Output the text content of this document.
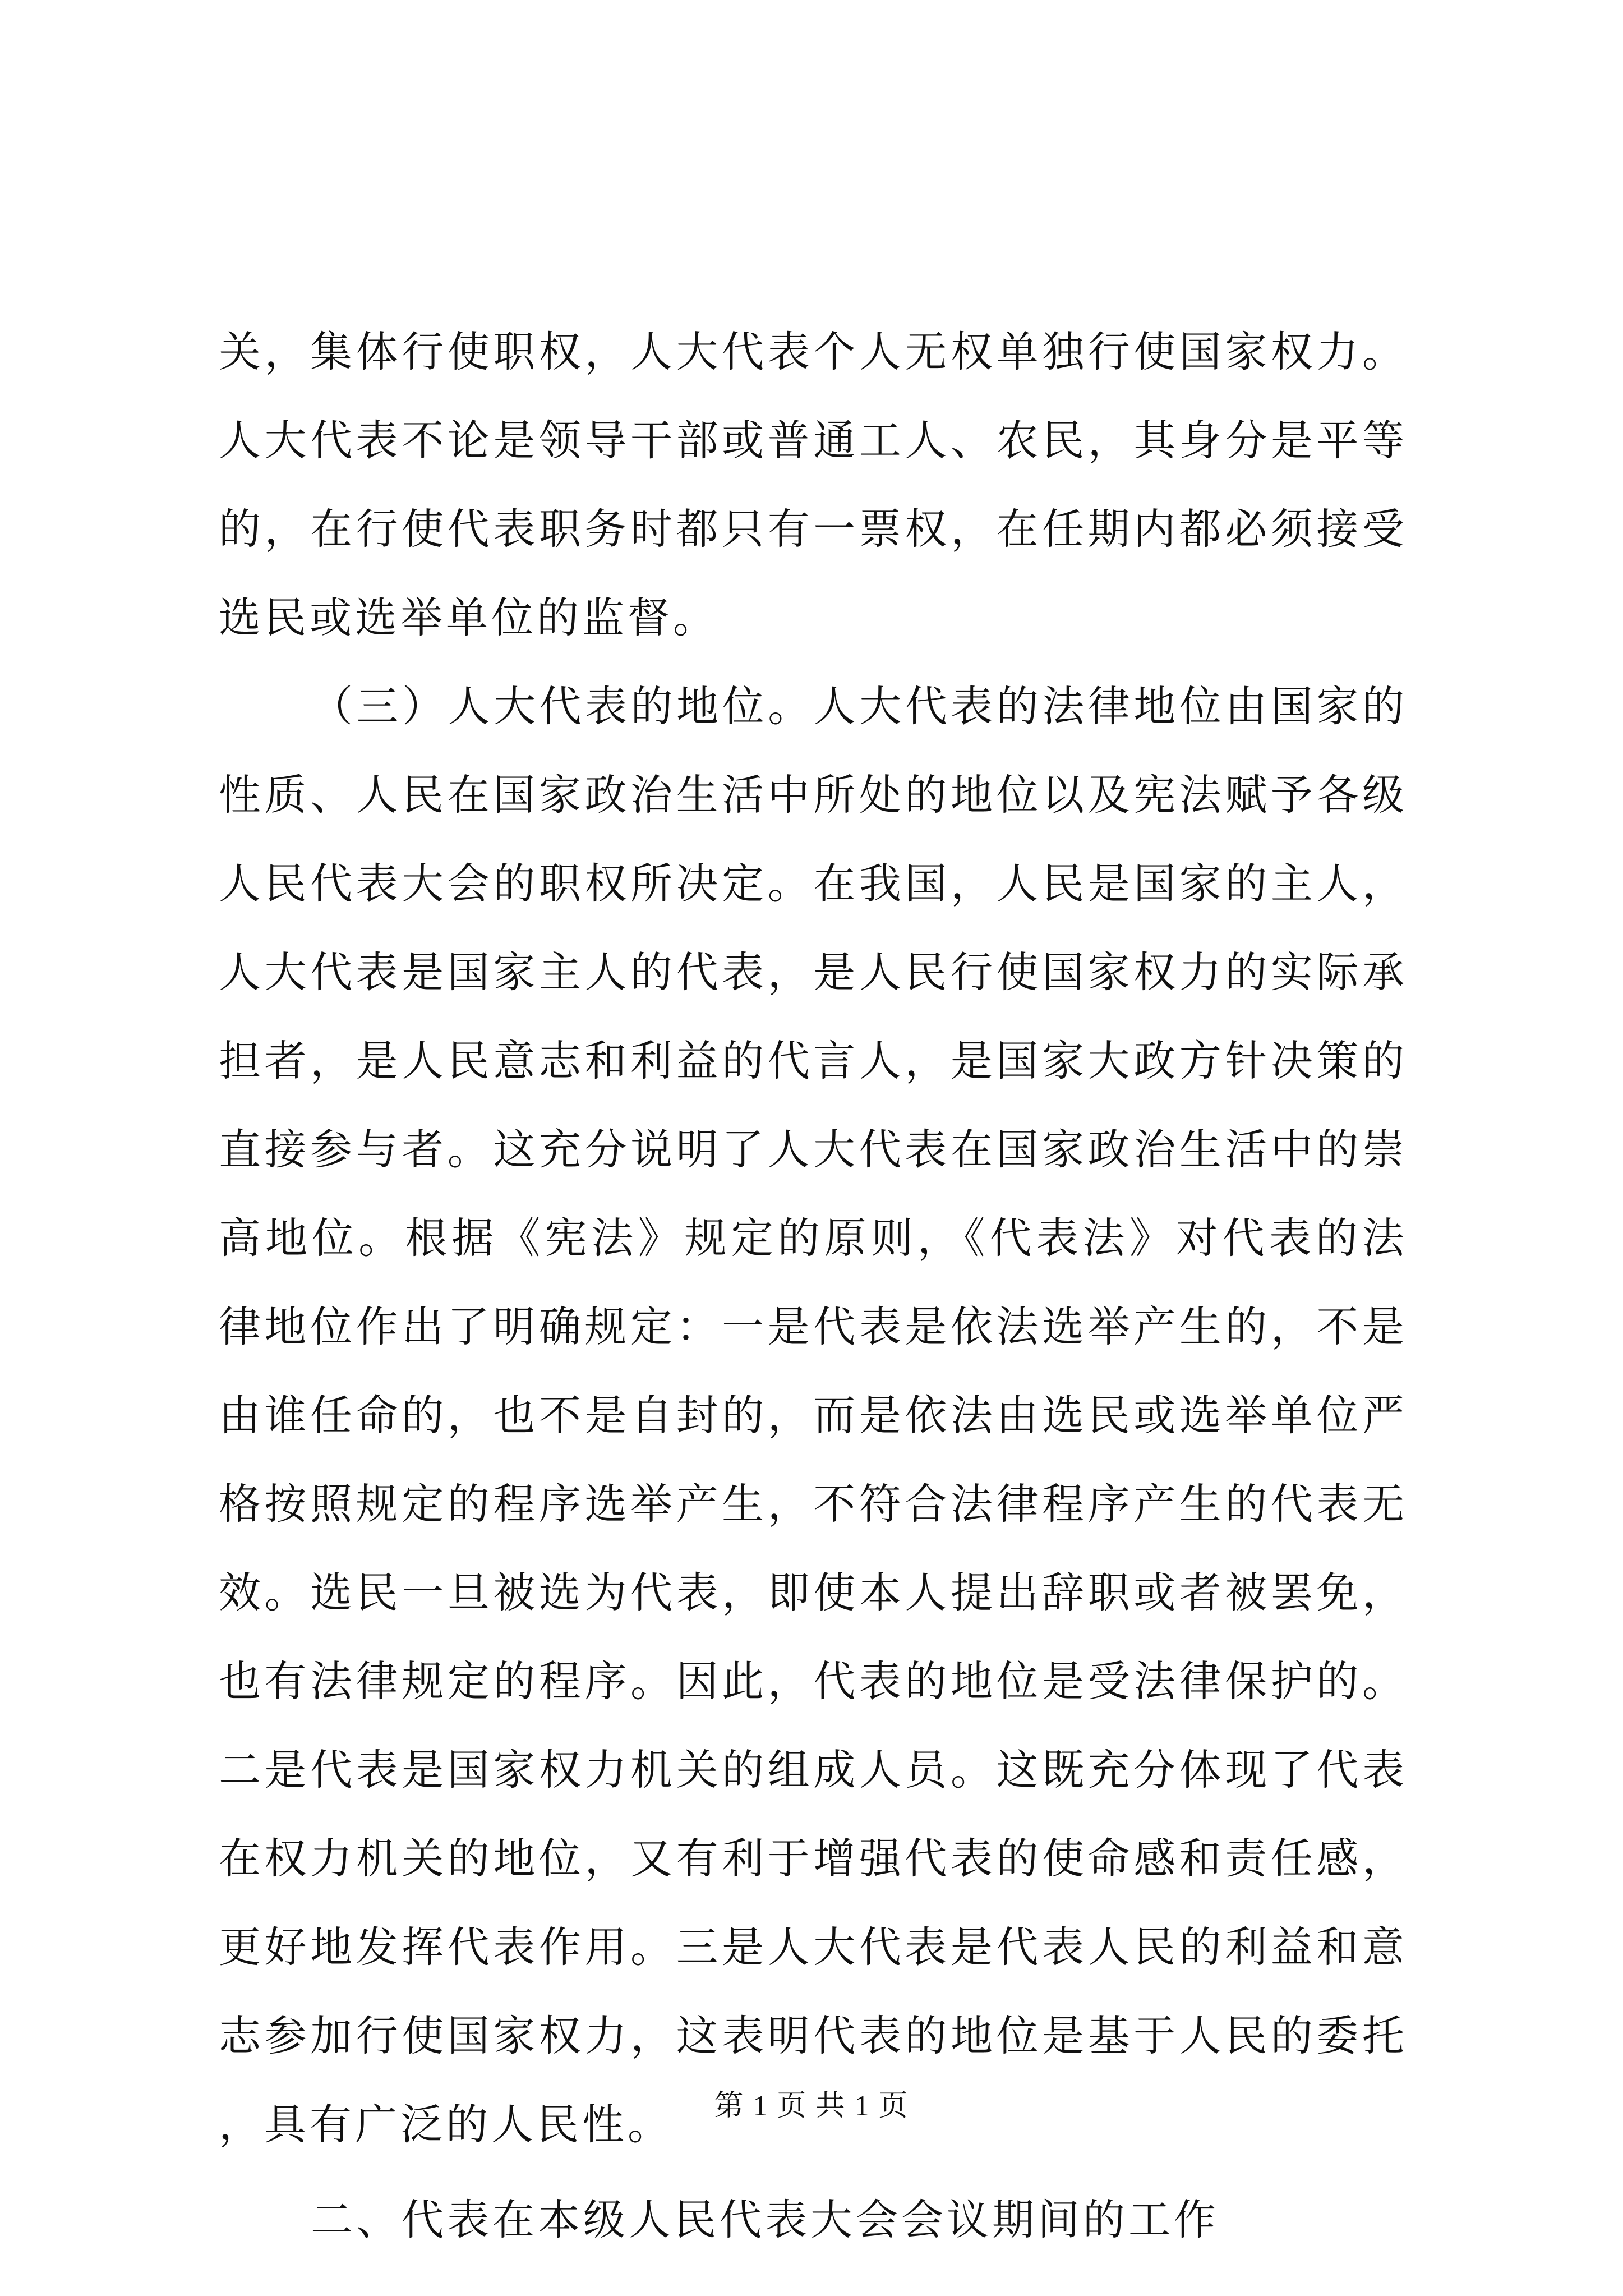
关，集体行使职权，人大代表个人无权单独行使国家权力。人大代表不论是领导干部或普通工人、农民，其身分是平等的，在行使代表职务时都只有一票权，在任期内都必须接受选民或选举单位的监督。

（三）人大代表的地位。人大代表的法律地位由国家的性质、人民在国家政治生活中所处的地位以及宪法赋予各级人民代表大会的职权所决定。在我国，人民是国家的主人，人大代表是国家主人的代表，是人民行使国家权力的实际承担者，是人民意志和利益的代言人，是国家大政方针决策的直接参与者。这充分说明了人大代表在国家政治生活中的崇高地位。根据《宪法》规定的原则，《代表法》对代表的法律地位作出了明确规定：一是代表是依法选举产生的，不是由谁任命的，也不是自封的，而是依法由选民或选举单位严格按照规定的程序选举产生，不符合法律程序产生的代表无效。选民一旦被选为代表，即使本人提出辞职或者被罢免，也有法律规定的程序。因此，代表的地位是受法律保护的。二是代表是国家权力机关的组成人员。这既充分体现了代表在权力机关的地位，又有利于增强代表的使命感和责任感，更好地发挥代表作用。三是人大代表是代表人民的利益和意志参加行使国家权力，这表明代表的地位是基于人民的委托，具有广泛的人民性。

二、代表在本级人民代表大会会议期间的工作

第 1 页 共 1 页
